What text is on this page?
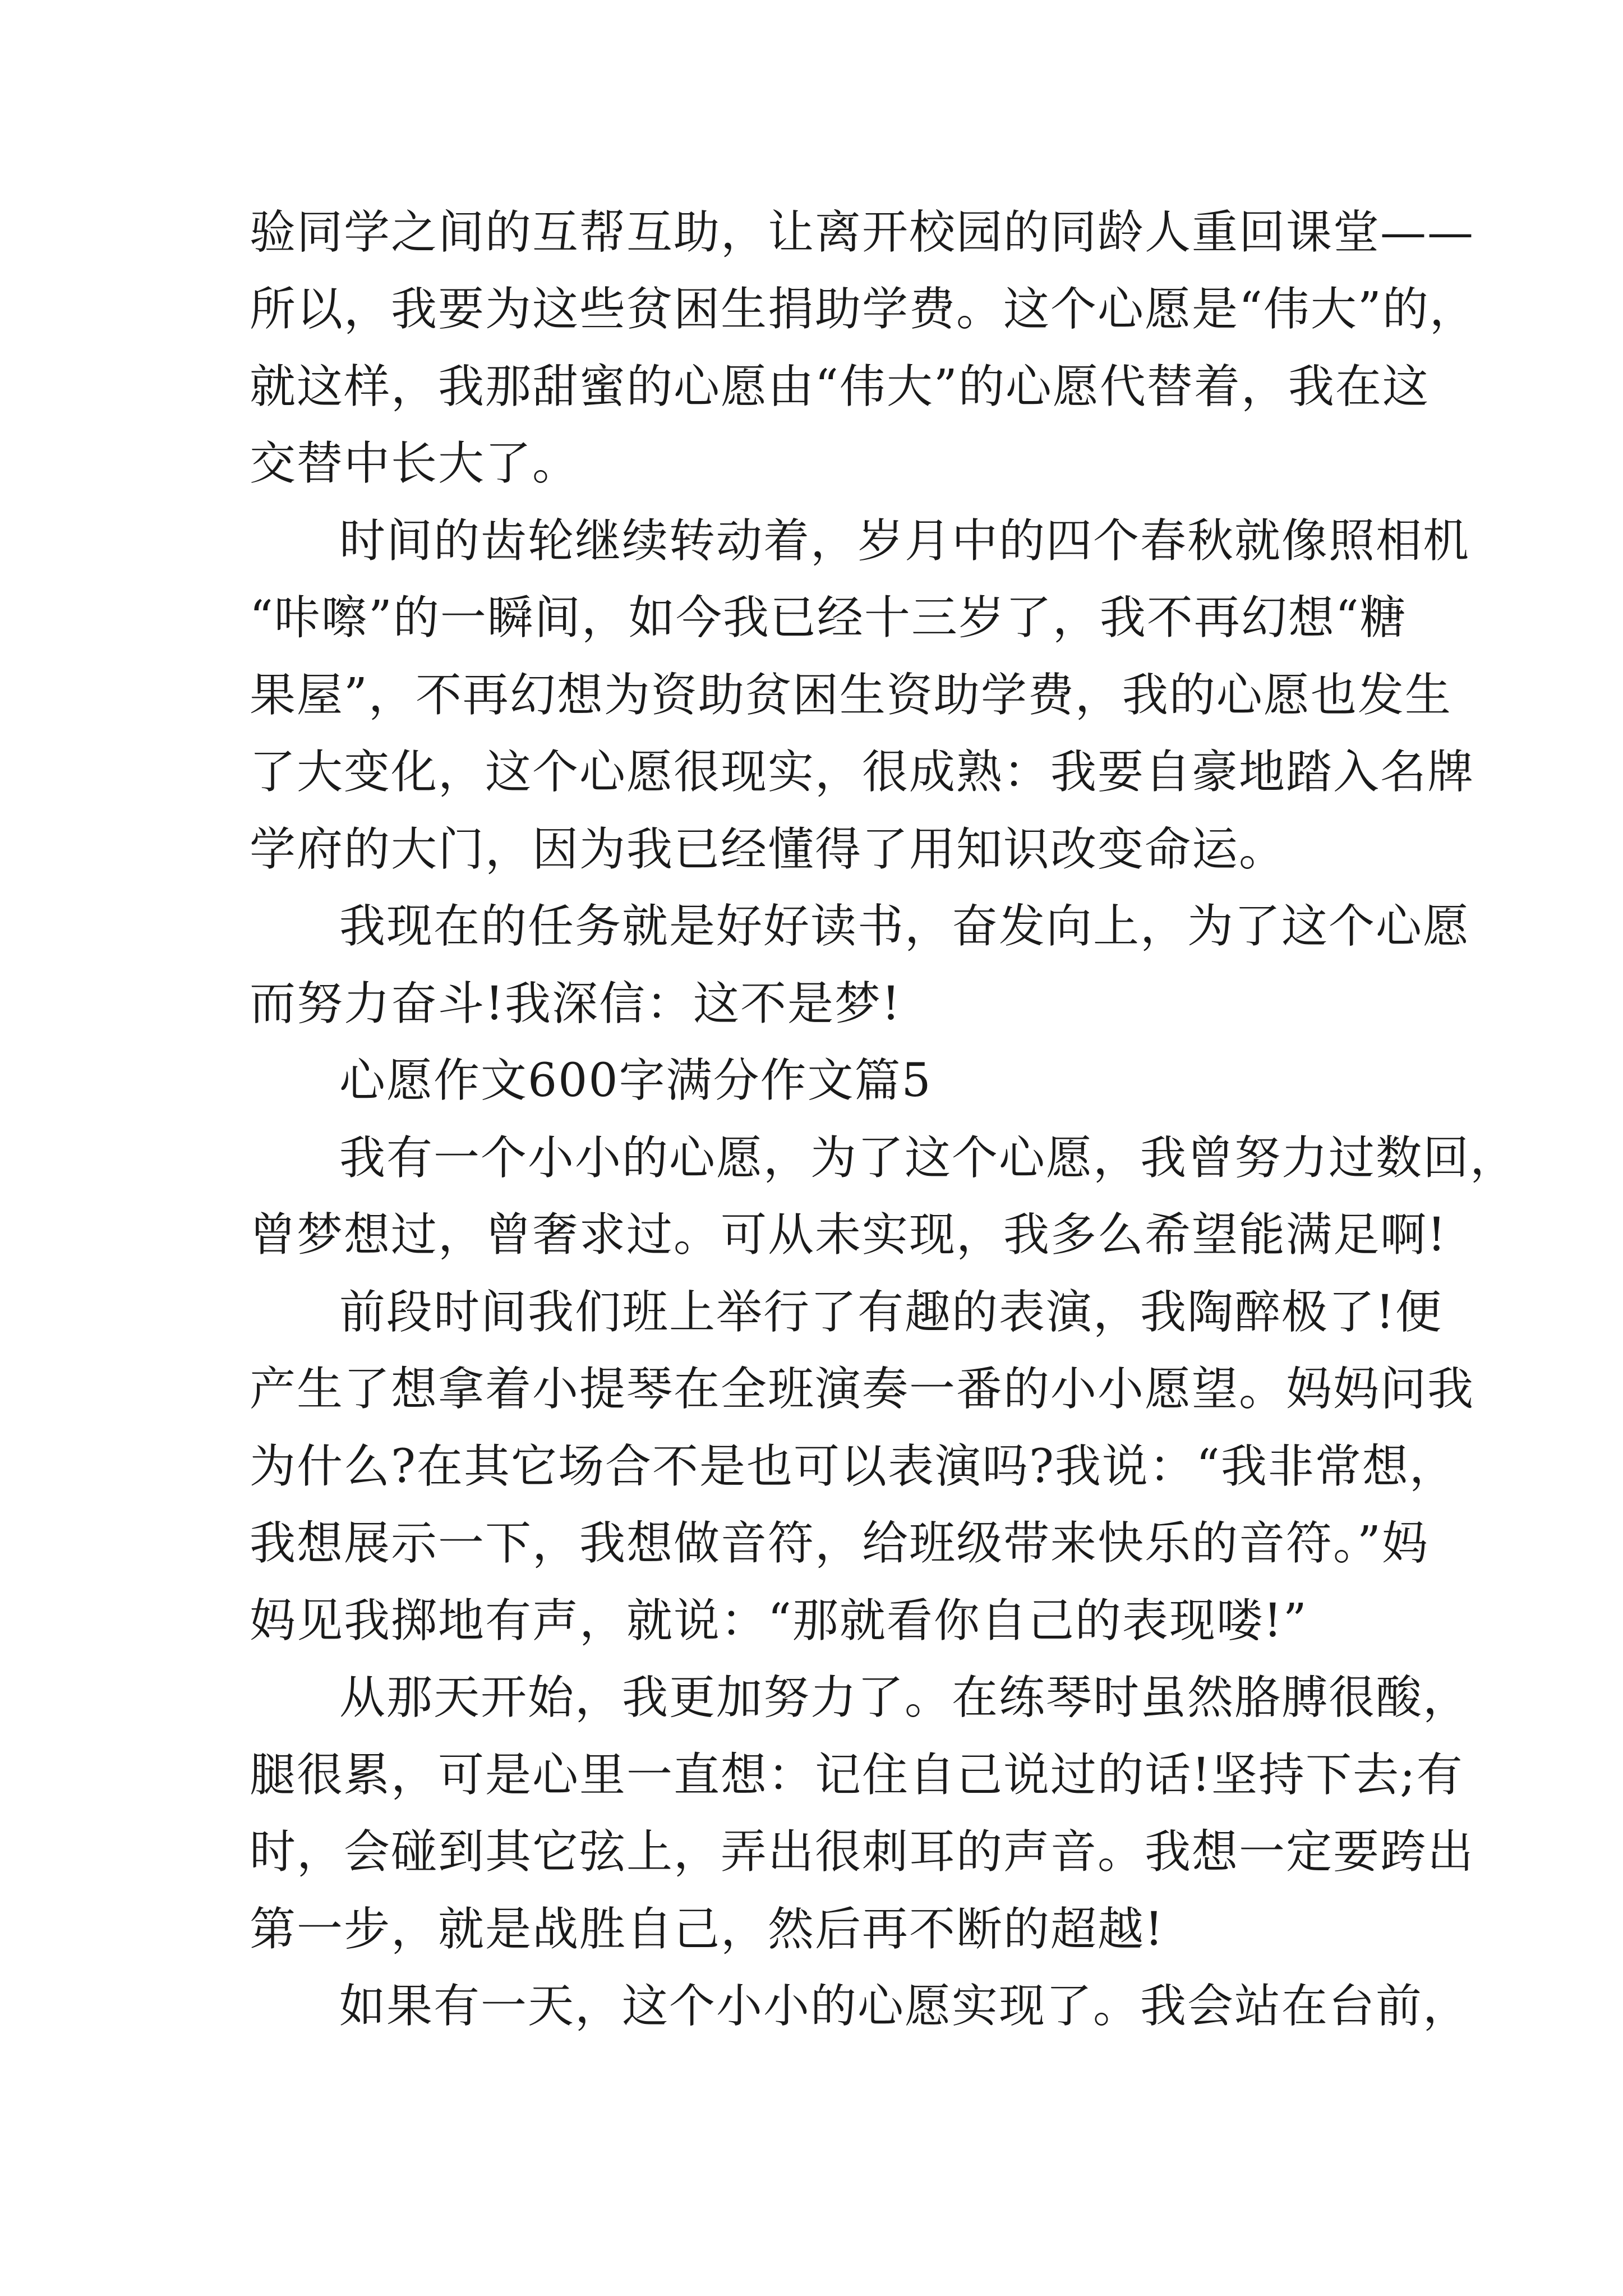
验同学之间的互帮互助，让离开校园的同龄人重回课堂——
所以，我要为这些贫困生捐助学费。这个心愿是“伟大”的，
就这样，我那甜蜜的心愿由“伟大”的心愿代替着，我在这
交替中长大了。
时间的齿轮继续转动着，岁月中的四个春秋就像照相机
“咔嚓”的一瞬间，如今我已经十三岁了，我不再幻想“糖
果屋”，不再幻想为资助贫困生资助学费，我的心愿也发生
了大变化，这个心愿很现实，很成熟：我要自豪地踏入名牌
学府的大门，因为我已经懂得了用知识改变命运。
我现在的任务就是好好读书，奋发向上，为了这个心愿
而努力奋斗!我深信：这不是梦!
心愿作文600字满分作文篇5
我有一个小小的心愿，为了这个心愿，我曾努力过数回，
曾梦想过，曾奢求过。可从未实现，我多么希望能满足啊!
前段时间我们班上举行了有趣的表演，我陶醉极了!便
产生了想拿着小提琴在全班演奏一番的小小愿望。妈妈问我
为什么?在其它场合不是也可以表演吗?我说：“我非常想，
我想展示一下，我想做音符，给班级带来快乐的音符。”妈
妈见我掷地有声，就说：“那就看你自己的表现喽!”
从那天开始，我更加努力了。在练琴时虽然胳膊很酸，
腿很累，可是心里一直想：记住自己说过的话!坚持下去;有
时，会碰到其它弦上，弄出很刺耳的声音。我想一定要跨出
第一步，就是战胜自己，然后再不断的超越!
如果有一天，这个小小的心愿实现了。我会站在台前，
